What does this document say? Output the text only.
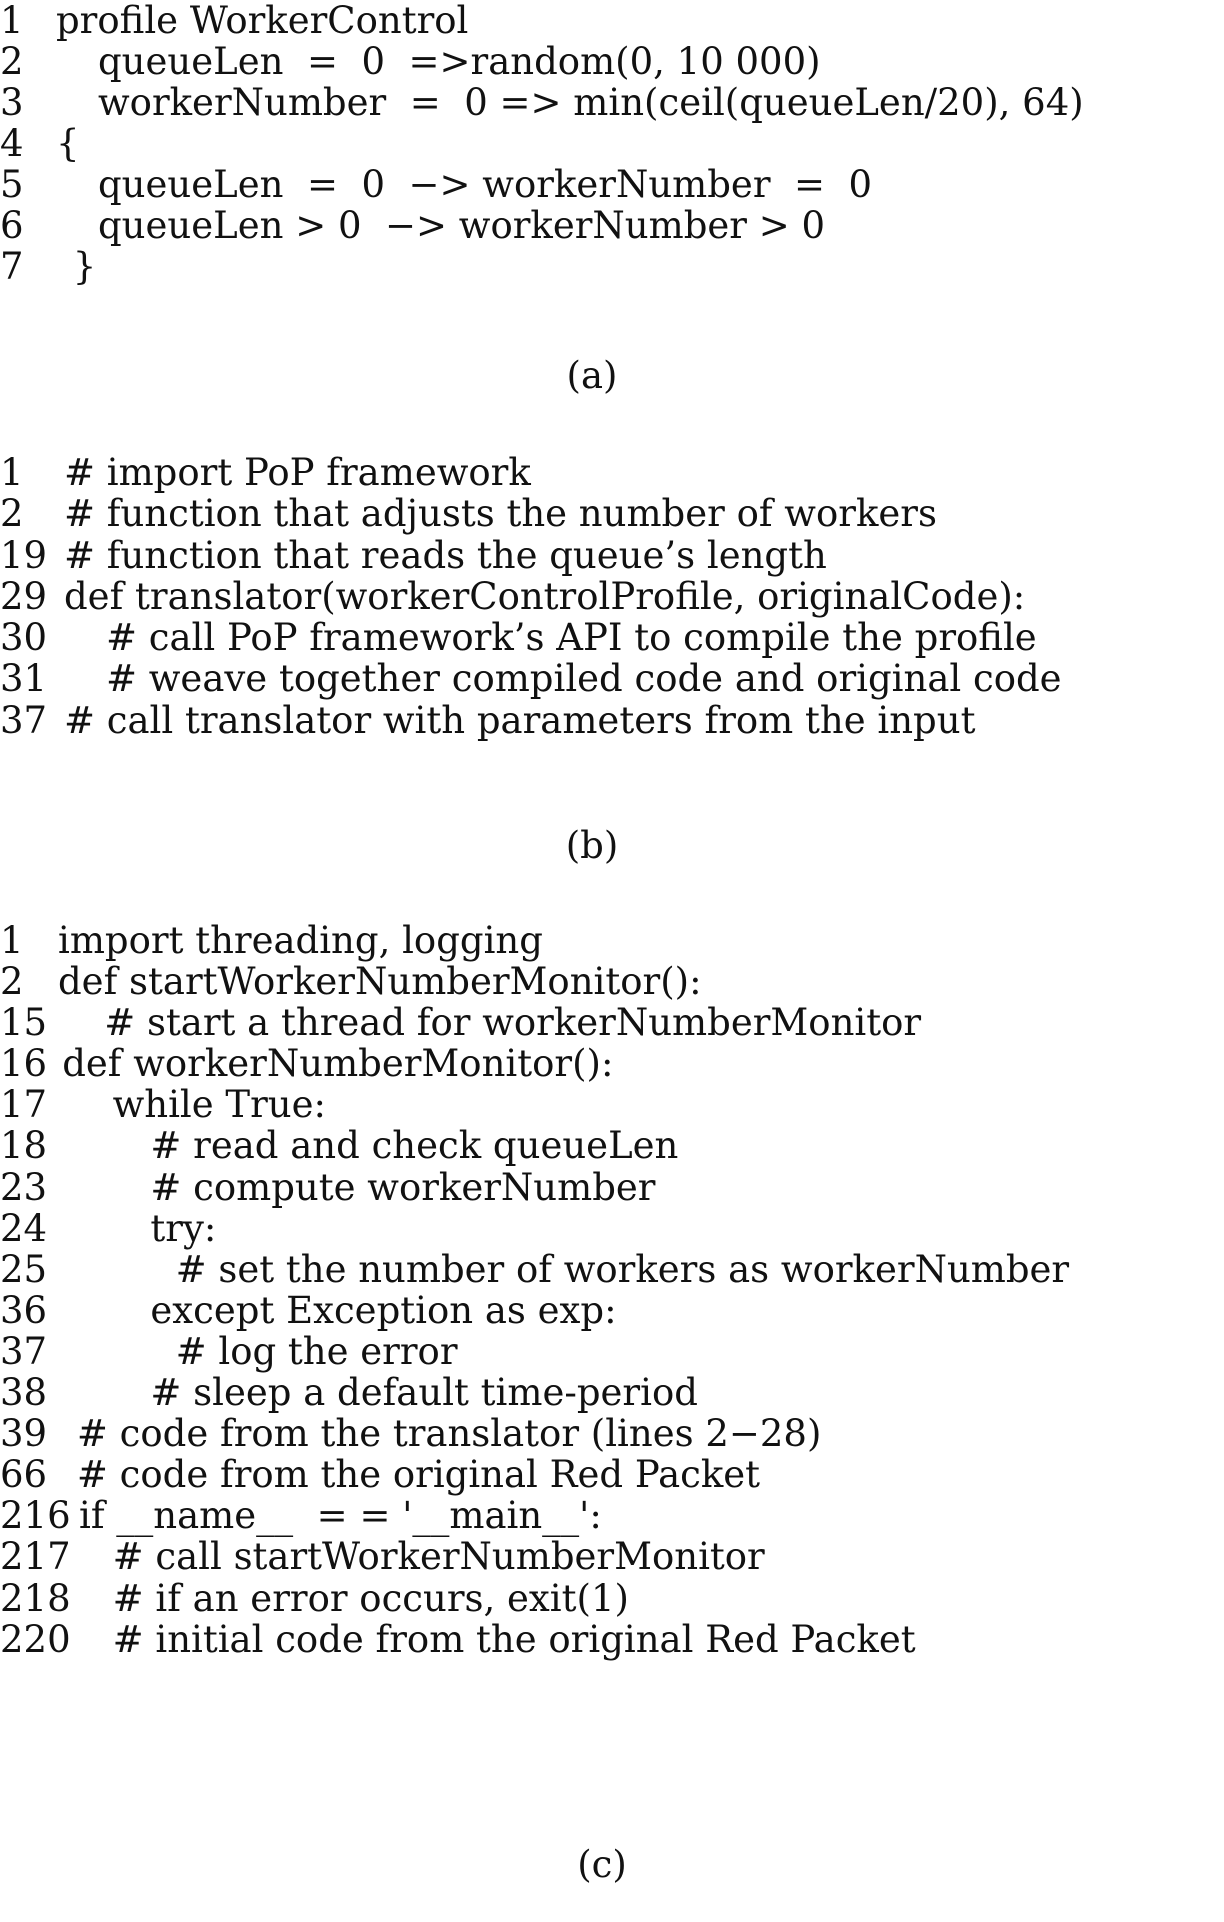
1 profile WorkerControl
2 queueLen  =  0  =>random(0, 10 000)
3 workerNumber  =  0 => min(ceil(queueLen/20), 64)
4 {
5 queueLen  =  0  −> workerNumber  =  0
6 queueLen > 0  −> workerNumber > 0
7 }
(a)
1 # import PoP framework
2 # function that adjusts the number of workers
19 # function that reads the queue’s length
29 def translator(workerControlProfile, originalCode):
30 # call PoP framework’s API to compile the profile
31 # weave together compiled code and original code
37 # call translator with parameters from the input
(b)
1 import threading, logging
2 def startWorkerNumberMonitor():
15 # start a thread for workerNumberMonitor
16 def workerNumberMonitor():
17 while True:
18	# read and check queueLen
23	# compute workerNumber
24	try:
25	# set the number of workers as workerNumber
36	except Exception as exp:
37	# log the error
38	# sleep a default time-period
39 # code from the translator (lines 2−28)
66 # code from the original Red Packet
216 if __name__  = = '__main__':
217 # call startWorkerNumberMonitor
218 # if an error occurs, exit(1)
220 # initial code from the original Red Packet
(c)
